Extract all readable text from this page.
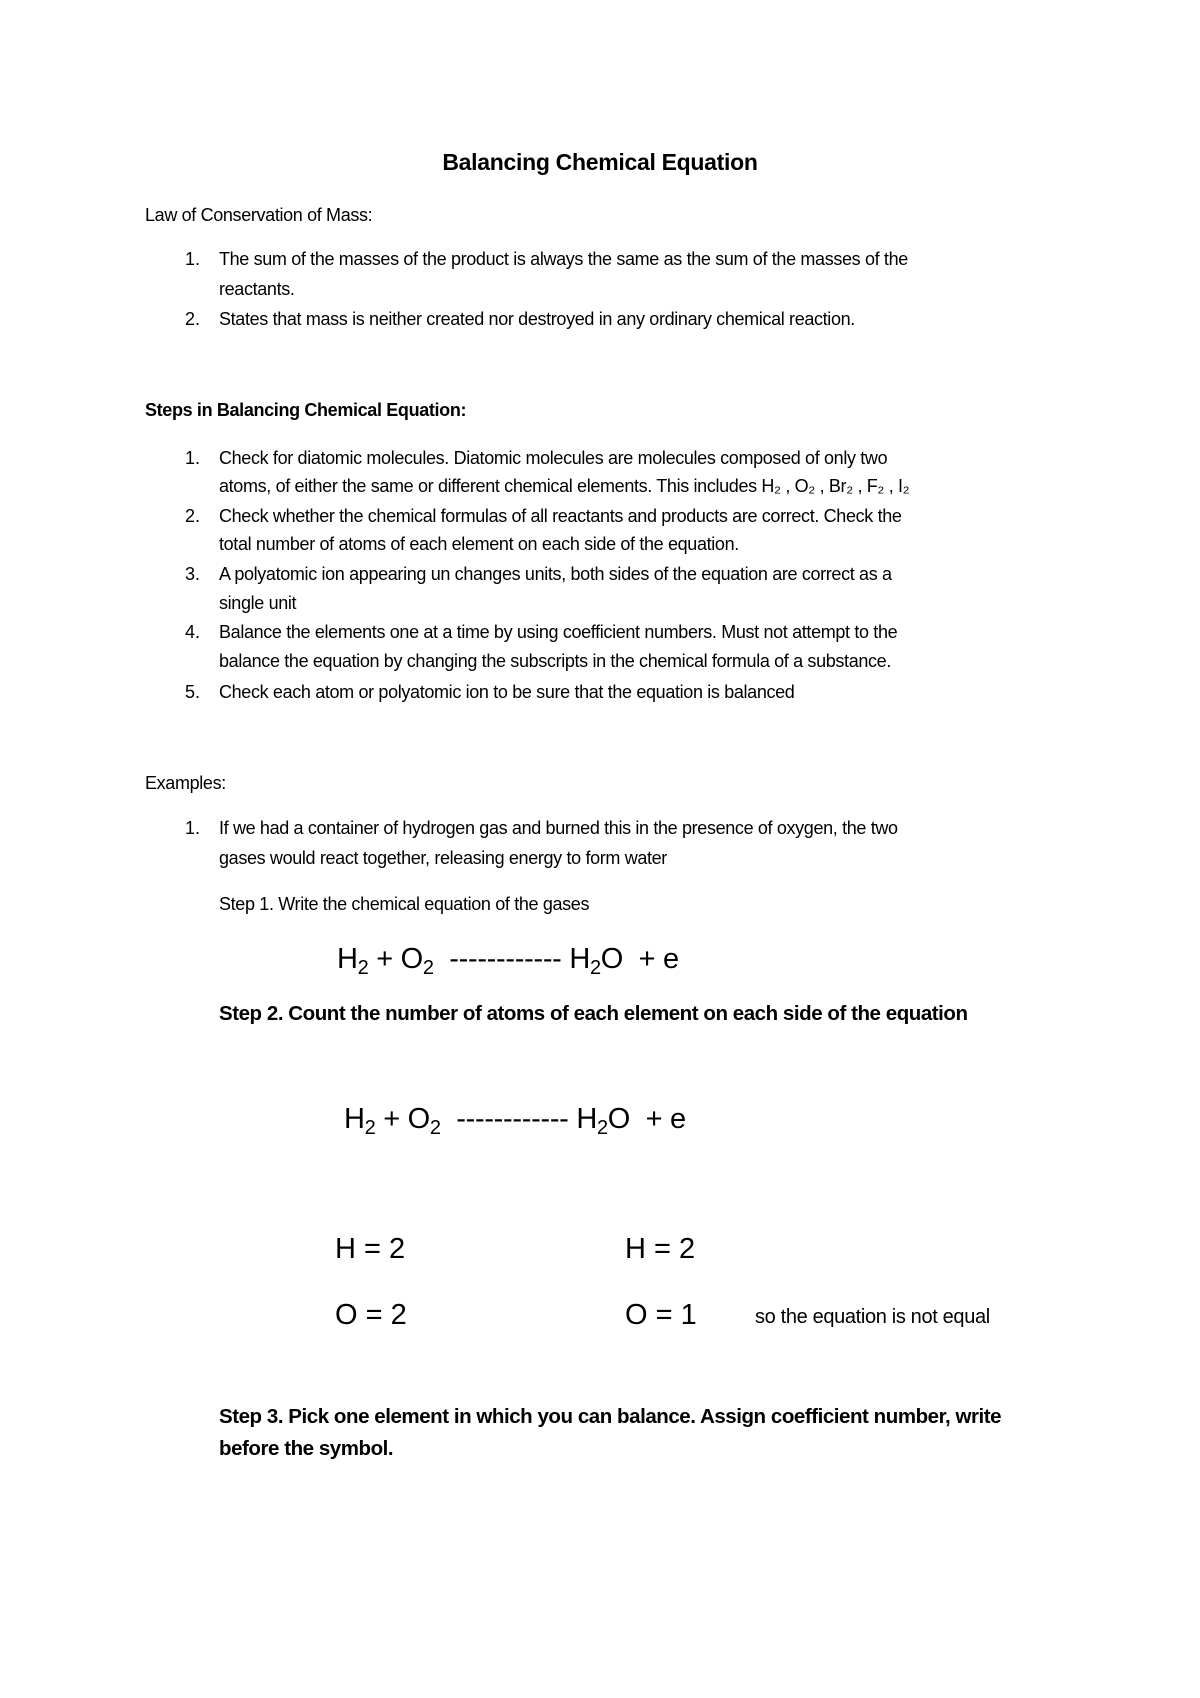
Balancing Chemical Equation
Law of Conservation of Mass:
1. The sum of the masses of the product is always the same as the sum of the masses of the
reactants.
2. States that mass is neither created nor destroyed in any ordinary chemical reaction.
Steps in Balancing Chemical Equation:
1. Check for diatomic molecules. Diatomic molecules are molecules composed of only two
atoms, of either the same or different chemical elements. This includes H₂ , O₂ , Br₂ , F₂ , I₂
2. Check whether the chemical formulas of all reactants and products are correct. Check the
total number of atoms of each element on each side of the equation.
3. A polyatomic ion appearing un changes units, both sides of the equation are correct as a
single unit
4. Balance the elements one at a time by using coefficient numbers. Must not attempt to the
balance the equation by changing the subscripts in the chemical formula of a substance.
5. Check each atom or polyatomic ion to be sure that the equation is balanced
Examples:
1. If we had a container of hydrogen gas and burned this in the presence of oxygen, the two
gases would react together, releasing energy to form water
Step 1. Write the chemical equation of the gases
$H_2 + O_2$ ------------ $H_2O + e$
Step 2. Count the number of atoms of each element on each side of the equation
$H_2 + O_2$ ------------ $H_2O + e$
H = 2	H = 2
O = 2	O = 1	so the equation is not equal
Step 3. Pick one element in which you can balance. Assign coefficient number, write
before the symbol.
